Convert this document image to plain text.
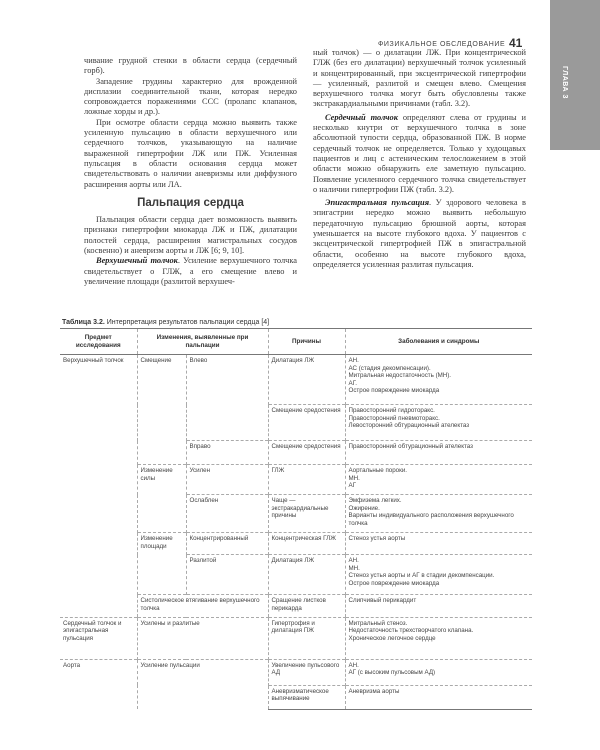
ГЛАВА 3
ФИЗИКАЛЬНОЕ ОБСЛЕДОВАНИЕ 41

чивание грудной стенки в области сердца (сердечный горб).

Западение грудины характерно для врожденной дисплазии соединительной ткани, которая нередко сопровождается поражениями ССС (пролапс клапанов, ложные хорды и др.).

При осмотре области сердца можно выявить также усиленную пульсацию в области верхушечного или сердечного толчков, указывающую на наличие выраженной гипертрофии ЛЖ или ПЖ. Усиленная пульсация в области основания сердца может свидетельствовать о наличии аневризмы или диффузного расширения аорты или ЛА.

Пальпация сердца

Пальпация области сердца дает возможность выявить признаки гипертрофии миокарда ЛЖ и ПЖ, дилатации полостей сердца, расширения магистральных сосудов (косвенно) и аневризм аорты и ЛЖ [6; 9, 10].

Верхушечный толчок. Усиление верхушечного толчка свидетельствует о ГЛЖ, а его смещение влево и увеличение площади (разлитой верхушеч-

ный толчок) — о дилатации ЛЖ. При концентрической ГЛЖ (без его дилатации) верхушечный толчок усиленный и концентрированный, при эксцентрической гипертрофии — усиленный, разлитой и смещен влево. Смещения верхушечного толчка могут быть обусловлены также экстракардиальными причинами (табл. 3.2).

Сердечный толчок определяют слева от грудины и несколько кнутри от верхушечного толчка в зоне абсолютной тупости сердца, образованной ПЖ. В норме сердечный толчок не определяется. Только у худощавых пациентов и лиц с астеническим телосложением в этой области можно обнаружить еле заметную пульсацию. Появление усиленного сердечного толчка свидетельствует о наличии гипертрофии ПЖ (табл. 3.2).

Эпигастральная пульсация. У здорового человека в эпигастрии нередко можно выявить небольшую передаточную пульсацию брюшной аорты, которая уменьшается на высоте глубокого вдоха. У пациентов с эксцентрической гипертрофией ПЖ в эпигастральной области, особенно на высоте глубокого вдоха, определяется усиленная разлитая пульсация.

Таблица 3.2. Интерпретация результатов пальпации сердца [4]
Предмет исследования	Изменения, выявленные при пальпации		Причины	Заболевания и синдромы
Верхушечный толчок	Смещение	Влево	Дилатация ЛЖ	АН.
АС (стадия декомпенсации).
Митральная недостаточность (МН).
АГ.
Острое повреждение миокарда
			Смещение средостения	Правосторонний гидроторакс.
Правосторонний пневмоторакс.
Левосторонний обтурационный ателектаз
		Вправо	Смещение средостения	Правосторонний обтурационный ателектаз
	Изменение силы	Усилен	ГЛЖ	Аортальные пороки.
МН.
АГ
		Ослаблен	Чаще — экстракардиальные причины	Эмфизема легких.
Ожирение.
Варианты индивидуального расположения верхушечного толчка
	Изменение площади	Концентрированный	Концентрическая ГЛЖ	Стеноз устья аорты
		Разлитой	Дилатация ЛЖ	АН.
МН.
Стеноз устья аорты и АГ в стадии декомпенсации.
Острое повреждение миокарда
	Систолическое втягивание верхушечного толчка		Сращение листков перикарда	Слипчивый перикардит

Сердечный толчок и эпигастральная пульсация	Усилены и разлитые		Гипертрофия и дилатация ПЖ	Митральный стеноз.
Недостаточность трехстворчатого клапана.
Хроническое легочное сердце
Аорта	Усиление пульсации		Увеличение пульсового АД	АН.
АГ (с высоким пульсовым АД)
			Аневризматическое выпячивание	Аневризма аорты
